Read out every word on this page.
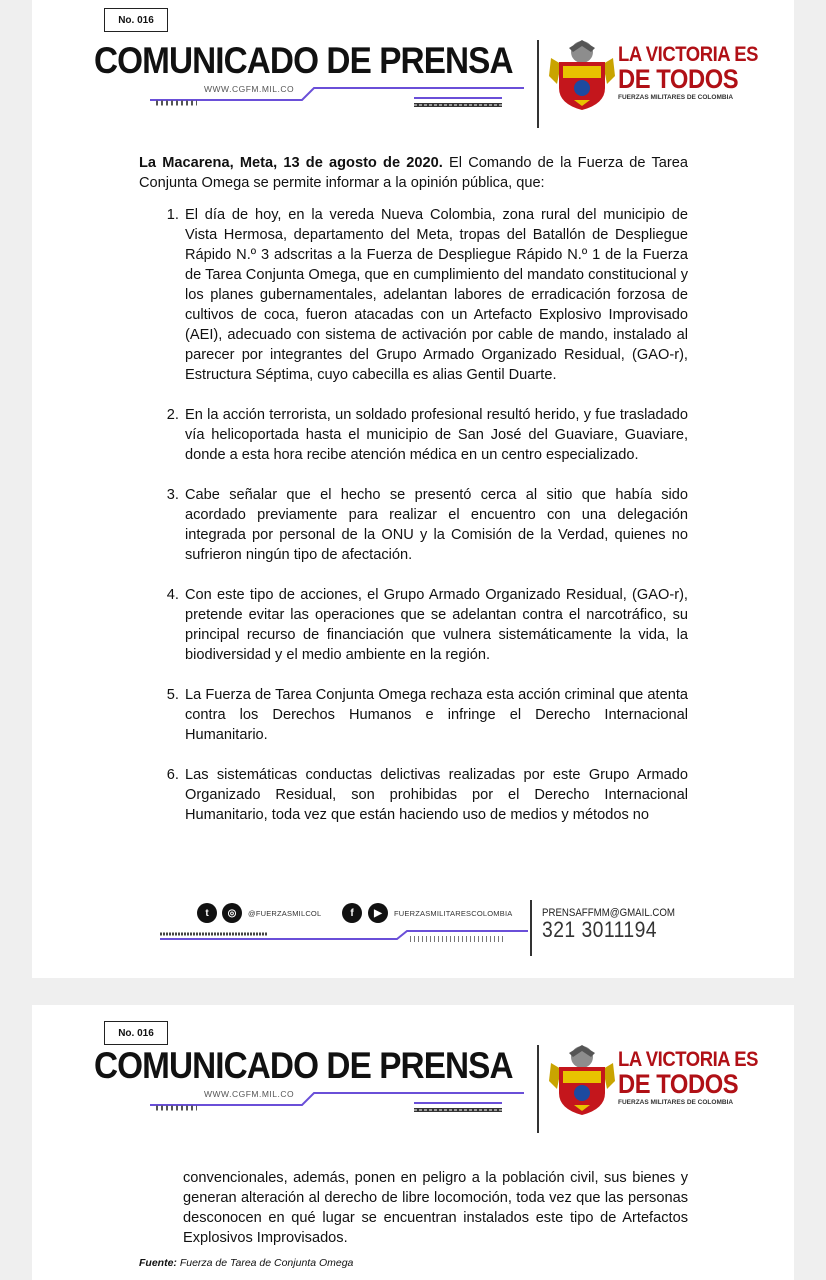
No. 016
COMUNICADO DE PRENSA
WWW.CGFM.MIL.CO
LA VICTORIA ES
DE TODOS
FUERZAS MILITARES DE COLOMBIA

La Macarena, Meta, 13 de agosto de 2020. El Comando de la Fuerza de Tarea Conjunta Omega se permite informar a la opinión pública, que:

1. El día de hoy, en la vereda Nueva Colombia, zona rural del municipio de Vista Hermosa, departamento del Meta, tropas del Batallón de Despliegue Rápido N.º 3 adscritas a la Fuerza de Despliegue Rápido N.º 1 de la Fuerza de Tarea Conjunta Omega, que en cumplimiento del mandato constitucional y los planes gubernamentales, adelantan labores de erradicación forzosa de cultivos de coca, fueron atacadas con un Artefacto Explosivo Improvisado (AEI), adecuado con sistema de activación por cable de mando, instalado al parecer por integrantes del Grupo Armado Organizado Residual, (GAO-r), Estructura Séptima, cuyo cabecilla es alias Gentil Duarte.
2. En la acción terrorista, un soldado profesional resultó herido, y fue trasladado vía helicoportada hasta el municipio de San José del Guaviare, Guaviare, donde a esta hora recibe atención médica en un centro especializado.
3. Cabe señalar que el hecho se presentó cerca al sitio que había sido acordado previamente para realizar el encuentro con una delegación integrada por personal de la ONU y la Comisión de la Verdad, quienes no sufrieron ningún tipo de afectación.
4. Con este tipo de acciones, el Grupo Armado Organizado Residual, (GAO-r), pretende evitar las operaciones que se adelantan contra el narcotráfico, su principal recurso de financiación que vulnera sistemáticamente la vida, la biodiversidad y el medio ambiente en la región.
5. La Fuerza de Tarea Conjunta Omega rechaza esta acción criminal que atenta contra los Derechos Humanos e infringe el Derecho Internacional Humanitario.
6. Las sistemáticas conductas delictivas realizadas por este Grupo Armado Organizado Residual, son prohibidas por el Derecho Internacional Humanitario, toda vez que están haciendo uso de medios y métodos no
t	◎	@FUERZASMILCOL	f	▶	FUERZASMILITARESCOLOMBIA	PRENSAFFMM@GMAIL.COM
321 3011194
No. 016
COMUNICADO DE PRENSA
WWW.CGFM.MIL.CO
LA VICTORIA ES
DE TODOS
FUERZAS MILITARES DE COLOMBIA

convencionales, además, ponen en peligro a la población civil, sus bienes y generan alteración al derecho de libre locomoción, toda vez que las personas desconocen en qué lugar se encuentran instalados este tipo de Artefactos Explosivos Improvisados.

Fuente: Fuerza de Tarea de Conjunta Omega
